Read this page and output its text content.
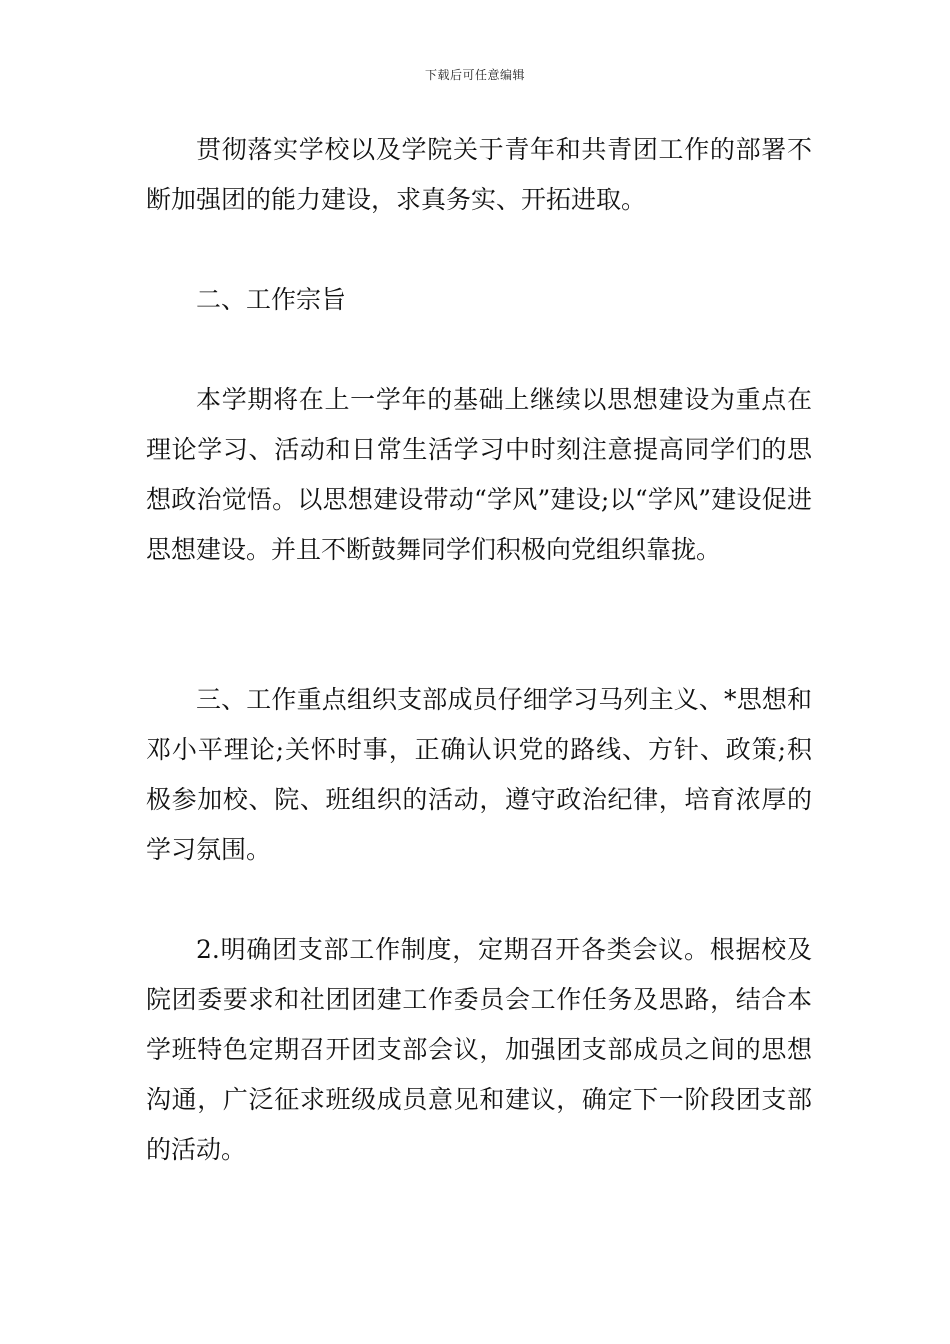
下载后可任意编辑

贯彻落实学校以及学院关于青年和共青团工作的部署不断加强团的能力建设，求真务实、开拓进取。

二、工作宗旨

本学期将在上一学年的基础上继续以思想建设为重点在理论学习、活动和日常生活学习中时刻注意提高同学们的思想政治觉悟。以思想建设带动“学风”建设;以“学风”建设促进思想建设。并且不断鼓舞同学们积极向党组织靠拢。

三、工作重点组织支部成员仔细学习马列主义、*思想和邓小平理论;关怀时事，正确认识党的路线、方针、政策;积极参加校、院、班组织的活动，遵守政治纪律，培育浓厚的学习氛围。

2.明确团支部工作制度，定期召开各类会议。根据校及院团委要求和社团团建工作委员会工作任务及思路，结合本学班特色定期召开团支部会议，加强团支部成员之间的思想沟通，广泛征求班级成员意见和建议，确定下一阶段团支部的活动。
